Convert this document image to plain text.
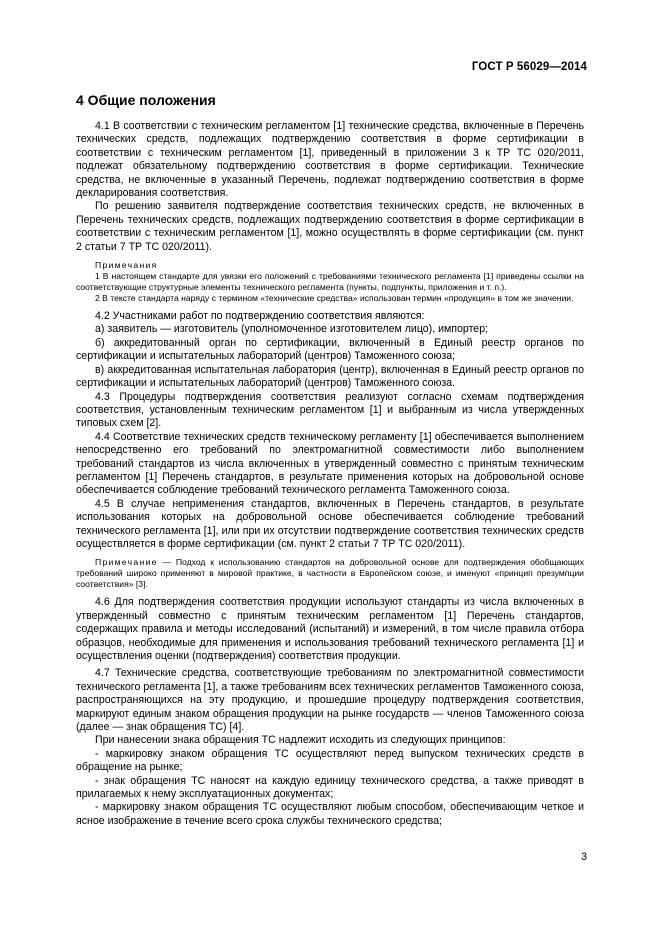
ГОСТ Р 56029—2014
4 Общие положения

4.1 В соответствии с техническим регламентом [1] технические средства, включенные в Перечень технических средств, подлежащих подтверждению соответствия в форме сертификации в соответствии с техническим регламентом [1], приведенный в приложении 3 к ТР ТС 020/2011, подлежат обязательному подтверждению соответствия в форме сертификации. Технические средства, не включенные в указанный Перечень, подлежат подтверждению соответствия в форме декларирования соответствия.

По решению заявителя подтверждение соответствия технических средств, не включенных в Перечень технических средств, подлежащих подтверждению соответствия в форме сертификации в соответствии с техническим регламентом [1], можно осуществлять в форме сертификации (см. пункт 2 статьи 7 ТР ТС 020/2011).

Примечания
1 В настоящем стандарте для увязки его положений с требованиями технического регламента [1] приведены ссылки на соответствующие структурные элементы технического регламента (пункты, подпункты, приложения и т. п.).
2 В тексте стандарта наряду с термином «технические средства» использован термин «продукция» в том же значении.

4.2 Участниками работ по подтверждению соответствия являются:

а) заявитель — изготовитель (уполномоченное изготовителем лицо), импортер;

б) аккредитованный орган по сертификации, включенный в Единый реестр органов по сертификации и испытательных лабораторий (центров) Таможенного союза;

в) аккредитованная испытательная лаборатория (центр), включенная в Единый реестр органов по сертификации и испытательных лабораторий (центров) Таможенного союза.

4.3 Процедуры подтверждения соответствия реализуют согласно схемам подтверждения соответствия, установленным техническим регламентом [1] и выбранным из числа утвержденных типовых схем [2].

4.4 Соответствие технических средств техническому регламенту [1] обеспечивается выполнением непосредственно его требований по электромагнитной совместимости либо выполнением требований стандартов из числа включенных в утвержденный совместно с принятым техническим регламентом [1] Перечень стандартов, в результате применения которых на добровольной основе обеспечивается соблюдение требований технического регламента Таможенного союза.

4.5 В случае неприменения стандартов, включенных в Перечень стандартов, в результате использования которых на добровольной основе обеспечивается соблюдение требований технического регламента [1], или при их отсутствии подтверждение соответствия технических средств осуществляется в форме сертификации (см. пункт 2 статьи 7 ТР ТС 020/2011).

Примечание — Подход к использованию стандартов на добровольной основе для подтверждения обобщающих требований широко применяют в мировой практике, в частности в Европейском союзе, и именуют «принцип презумпции соответствия» [3].

4.6 Для подтверждения соответствия продукции используют стандарты из числа включенных в утвержденный совместно с принятым техническим регламентом [1] Перечень стандартов, содержащих правила и методы исследований (испытаний) и измерений, в том числе правила отбора образцов, необходимые для применения и использования требований технического регламента [1] и осуществления оценки (подтверждения) соответствия продукции.

4.7 Технические средства, соответствующие требованиям по электромагнитной совместимости технического регламента [1], а также требованиям всех технических регламентов Таможенного союза, распространяющихся на эту продукцию, и прошедшие процедуру подтверждения соответствия, маркируют единым знаком обращения продукции на рынке государств — членов Таможенного союза (далее — знак обращения ТС) [4].

При нанесении знака обращения ТС надлежит исходить из следующих принципов:

- маркировку знаком обращения ТС осуществляют перед выпуском технических средств в обращение на рынке;

- знак обращения ТС наносят на каждую единицу технического средства, а также приводят в прилагаемых к нему эксплуатационных документах;

- маркировку знаком обращения ТС осуществляют любым способом, обеспечивающим четкое и ясное изображение в течение всего срока службы технического средства;

3
